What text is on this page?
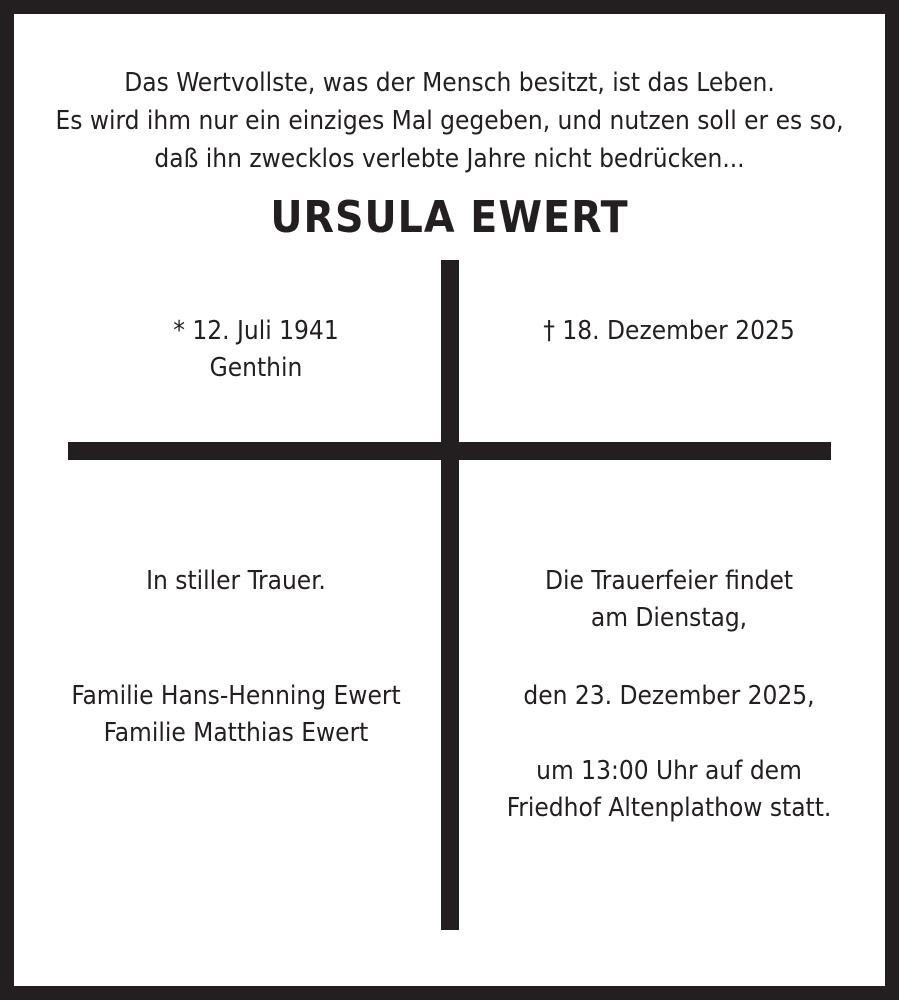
Das Wertvollste, was der Mensch besitzt, ist das Leben.
Es wird ihm nur ein einziges Mal gegeben, und nutzen soll er es so,
daß ihn zwecklos verlebte Jahre nicht bedrücken...
URSULA EWERT
* 12. Juli 1941
Genthin
† 18. Dezember 2025
In stiller Trauer.
Familie Hans-Henning Ewert
Familie Matthias Ewert
Die Trauerfeier findet
am Dienstag,
den 23. Dezember 2025,
um 13:00 Uhr auf dem
Friedhof Altenplathow statt.
